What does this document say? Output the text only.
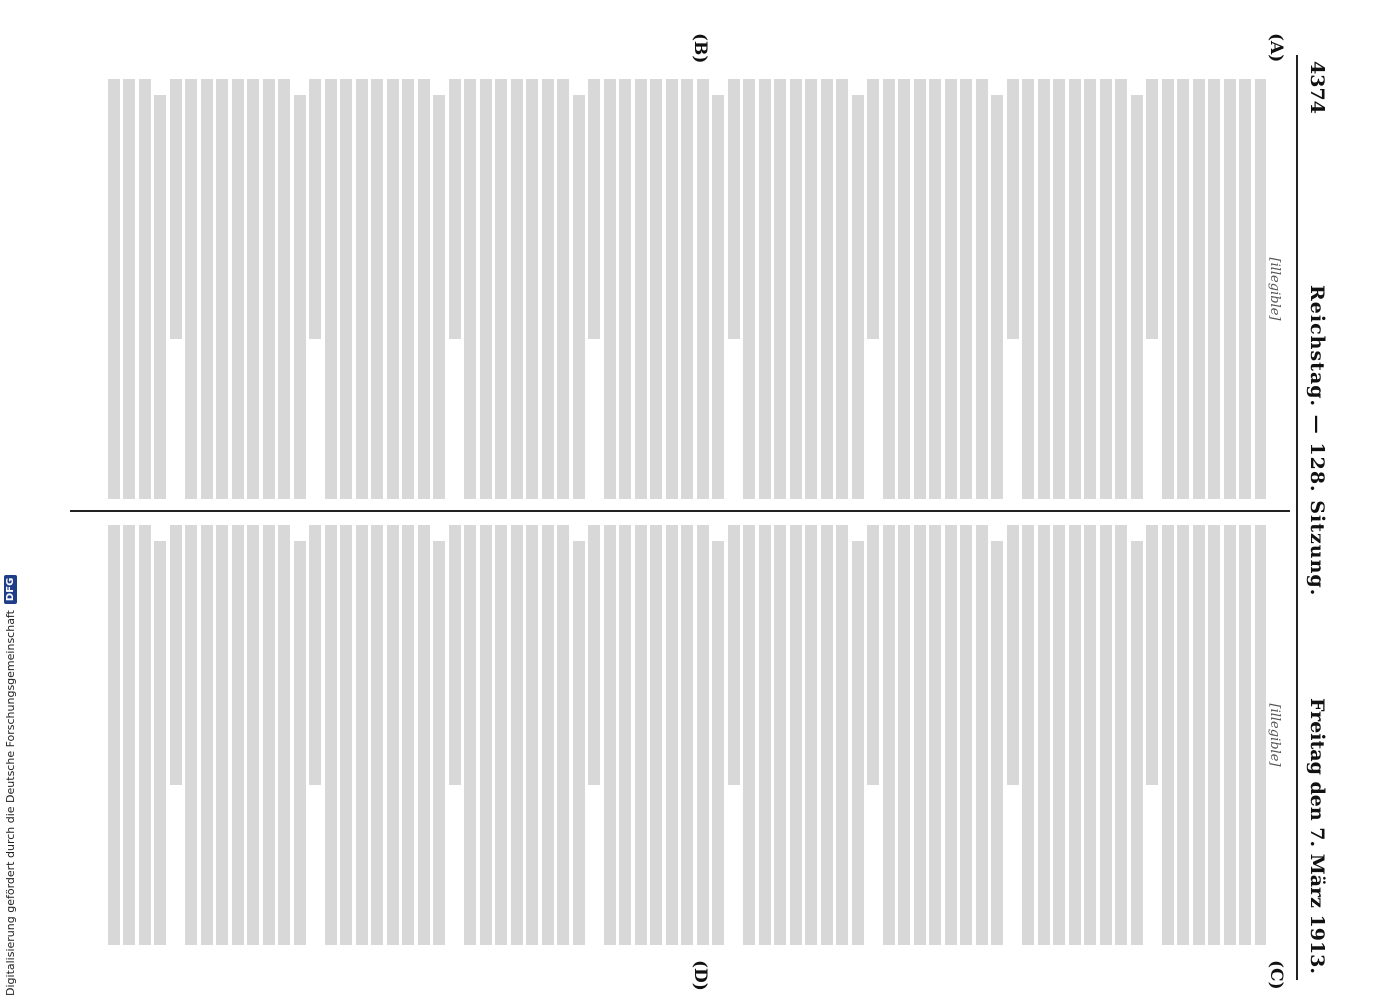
4374
Reichstag. — 128. Sitzung.
Freitag den 7. März 1913.
(A)
(B)
(C)
(D)
[illegible]
[illegible]
Digitalisierung gefördert durch die Deutsche Forschungsgemeinschaft
DFG
